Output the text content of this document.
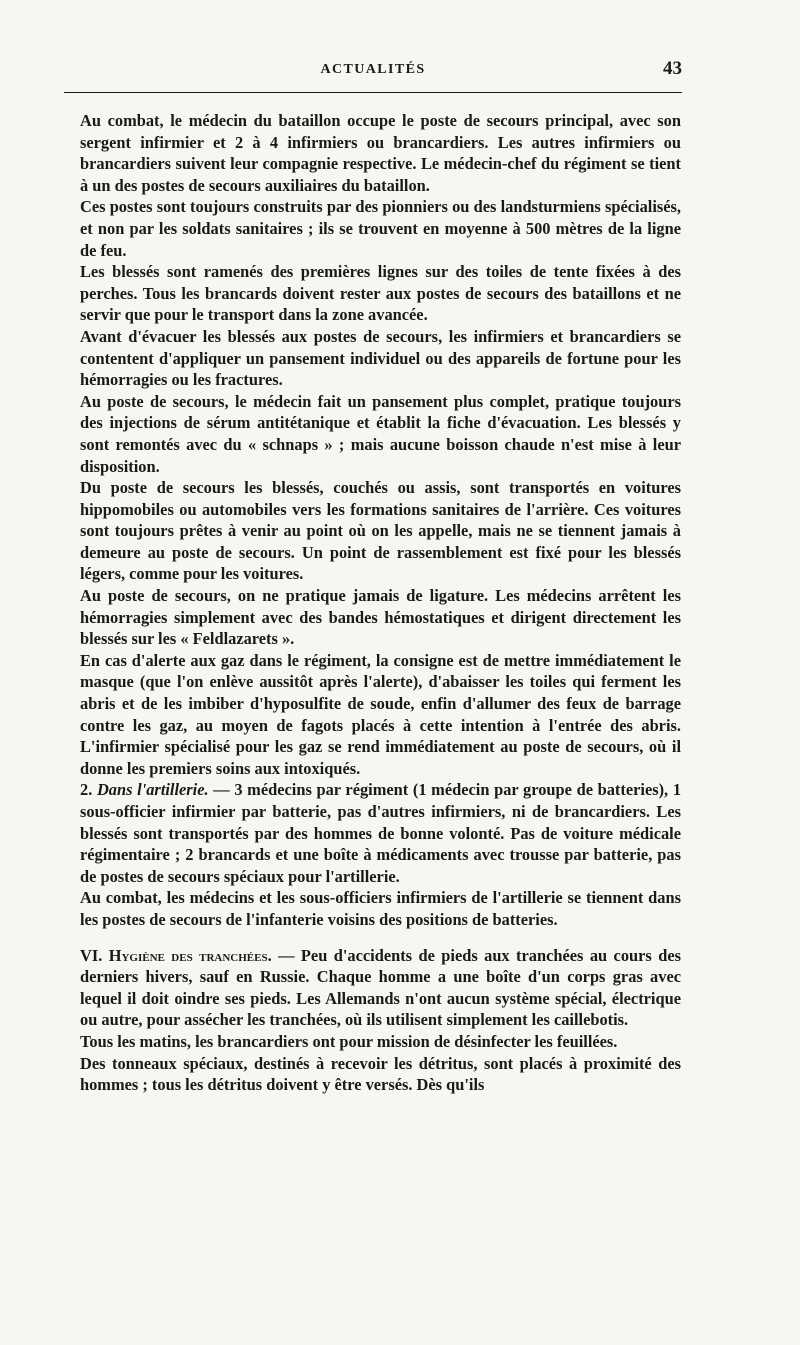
ACTUALITÉS	43

Au combat, le médecin du bataillon occupe le poste de secours principal, avec son sergent infirmier et 2 à 4 infirmiers ou brancardiers. Les autres infirmiers ou brancardiers suivent leur compagnie respective. Le médecin-chef du régiment se tient à un des postes de secours auxiliaires du bataillon.

Ces postes sont toujours construits par des pionniers ou des landsturmiens spécialisés, et non par les soldats sanitaires ; ils se trouvent en moyenne à 500 mètres de la ligne de feu.

Les blessés sont ramenés des premières lignes sur des toiles de tente fixées à des perches. Tous les brancards doivent rester aux postes de secours des bataillons et ne servir que pour le transport dans la zone avancée.

Avant d'évacuer les blessés aux postes de secours, les infirmiers et brancardiers se contentent d'appliquer un pansement individuel ou des appareils de fortune pour les hémorragies ou les fractures.

Au poste de secours, le médecin fait un pansement plus complet, pratique toujours des injections de sérum antitétanique et établit la fiche d'évacuation. Les blessés y sont remontés avec du « schnaps » ; mais aucune boisson chaude n'est mise à leur disposition.

Du poste de secours les blessés, couchés ou assis, sont transportés en voitures hippomobiles ou automobiles vers les formations sanitaires de l'arrière. Ces voitures sont toujours prêtes à venir au point où on les appelle, mais ne se tiennent jamais à demeure au poste de secours. Un point de rassemblement est fixé pour les blessés légers, comme pour les voitures.

Au poste de secours, on ne pratique jamais de ligature. Les médecins arrêtent les hémorragies simplement avec des bandes hémostatiques et dirigent directement les blessés sur les « Feldlazarets ».

En cas d'alerte aux gaz dans le régiment, la consigne est de mettre immédiatement le masque (que l'on enlève aussitôt après l'alerte), d'abaisser les toiles qui ferment les abris et de les imbiber d'hyposulfite de soude, enfin d'allumer des feux de barrage contre les gaz, au moyen de fagots placés à cette intention à l'entrée des abris. L'infirmier spécialisé pour les gaz se rend immédiatement au poste de secours, où il donne les premiers soins aux intoxiqués.

2. Dans l'artillerie. — 3 médecins par régiment (1 médecin par groupe de batteries), 1 sous-officier infirmier par batterie, pas d'autres infirmiers, ni de brancardiers. Les blessés sont transportés par des hommes de bonne volonté. Pas de voiture médicale régimentaire ; 2 brancards et une boîte à médicaments avec trousse par batterie, pas de postes de secours spéciaux pour l'artillerie.

Au combat, les médecins et les sous-officiers infirmiers de l'artillerie se tiennent dans les postes de secours de l'infanterie voisins des positions de batteries.

VI. Hygiène des tranchées. — Peu d'accidents de pieds aux tranchées au cours des derniers hivers, sauf en Russie. Chaque homme a une boîte d'un corps gras avec lequel il doit oindre ses pieds. Les Allemands n'ont aucun système spécial, électrique ou autre, pour assécher les tranchées, où ils utilisent simplement les caillebotis.

Tous les matins, les brancardiers ont pour mission de désinfecter les feuillées.

Des tonneaux spéciaux, destinés à recevoir les détritus, sont placés à proximité des hommes ; tous les détritus doivent y être versés. Dès qu'ils
